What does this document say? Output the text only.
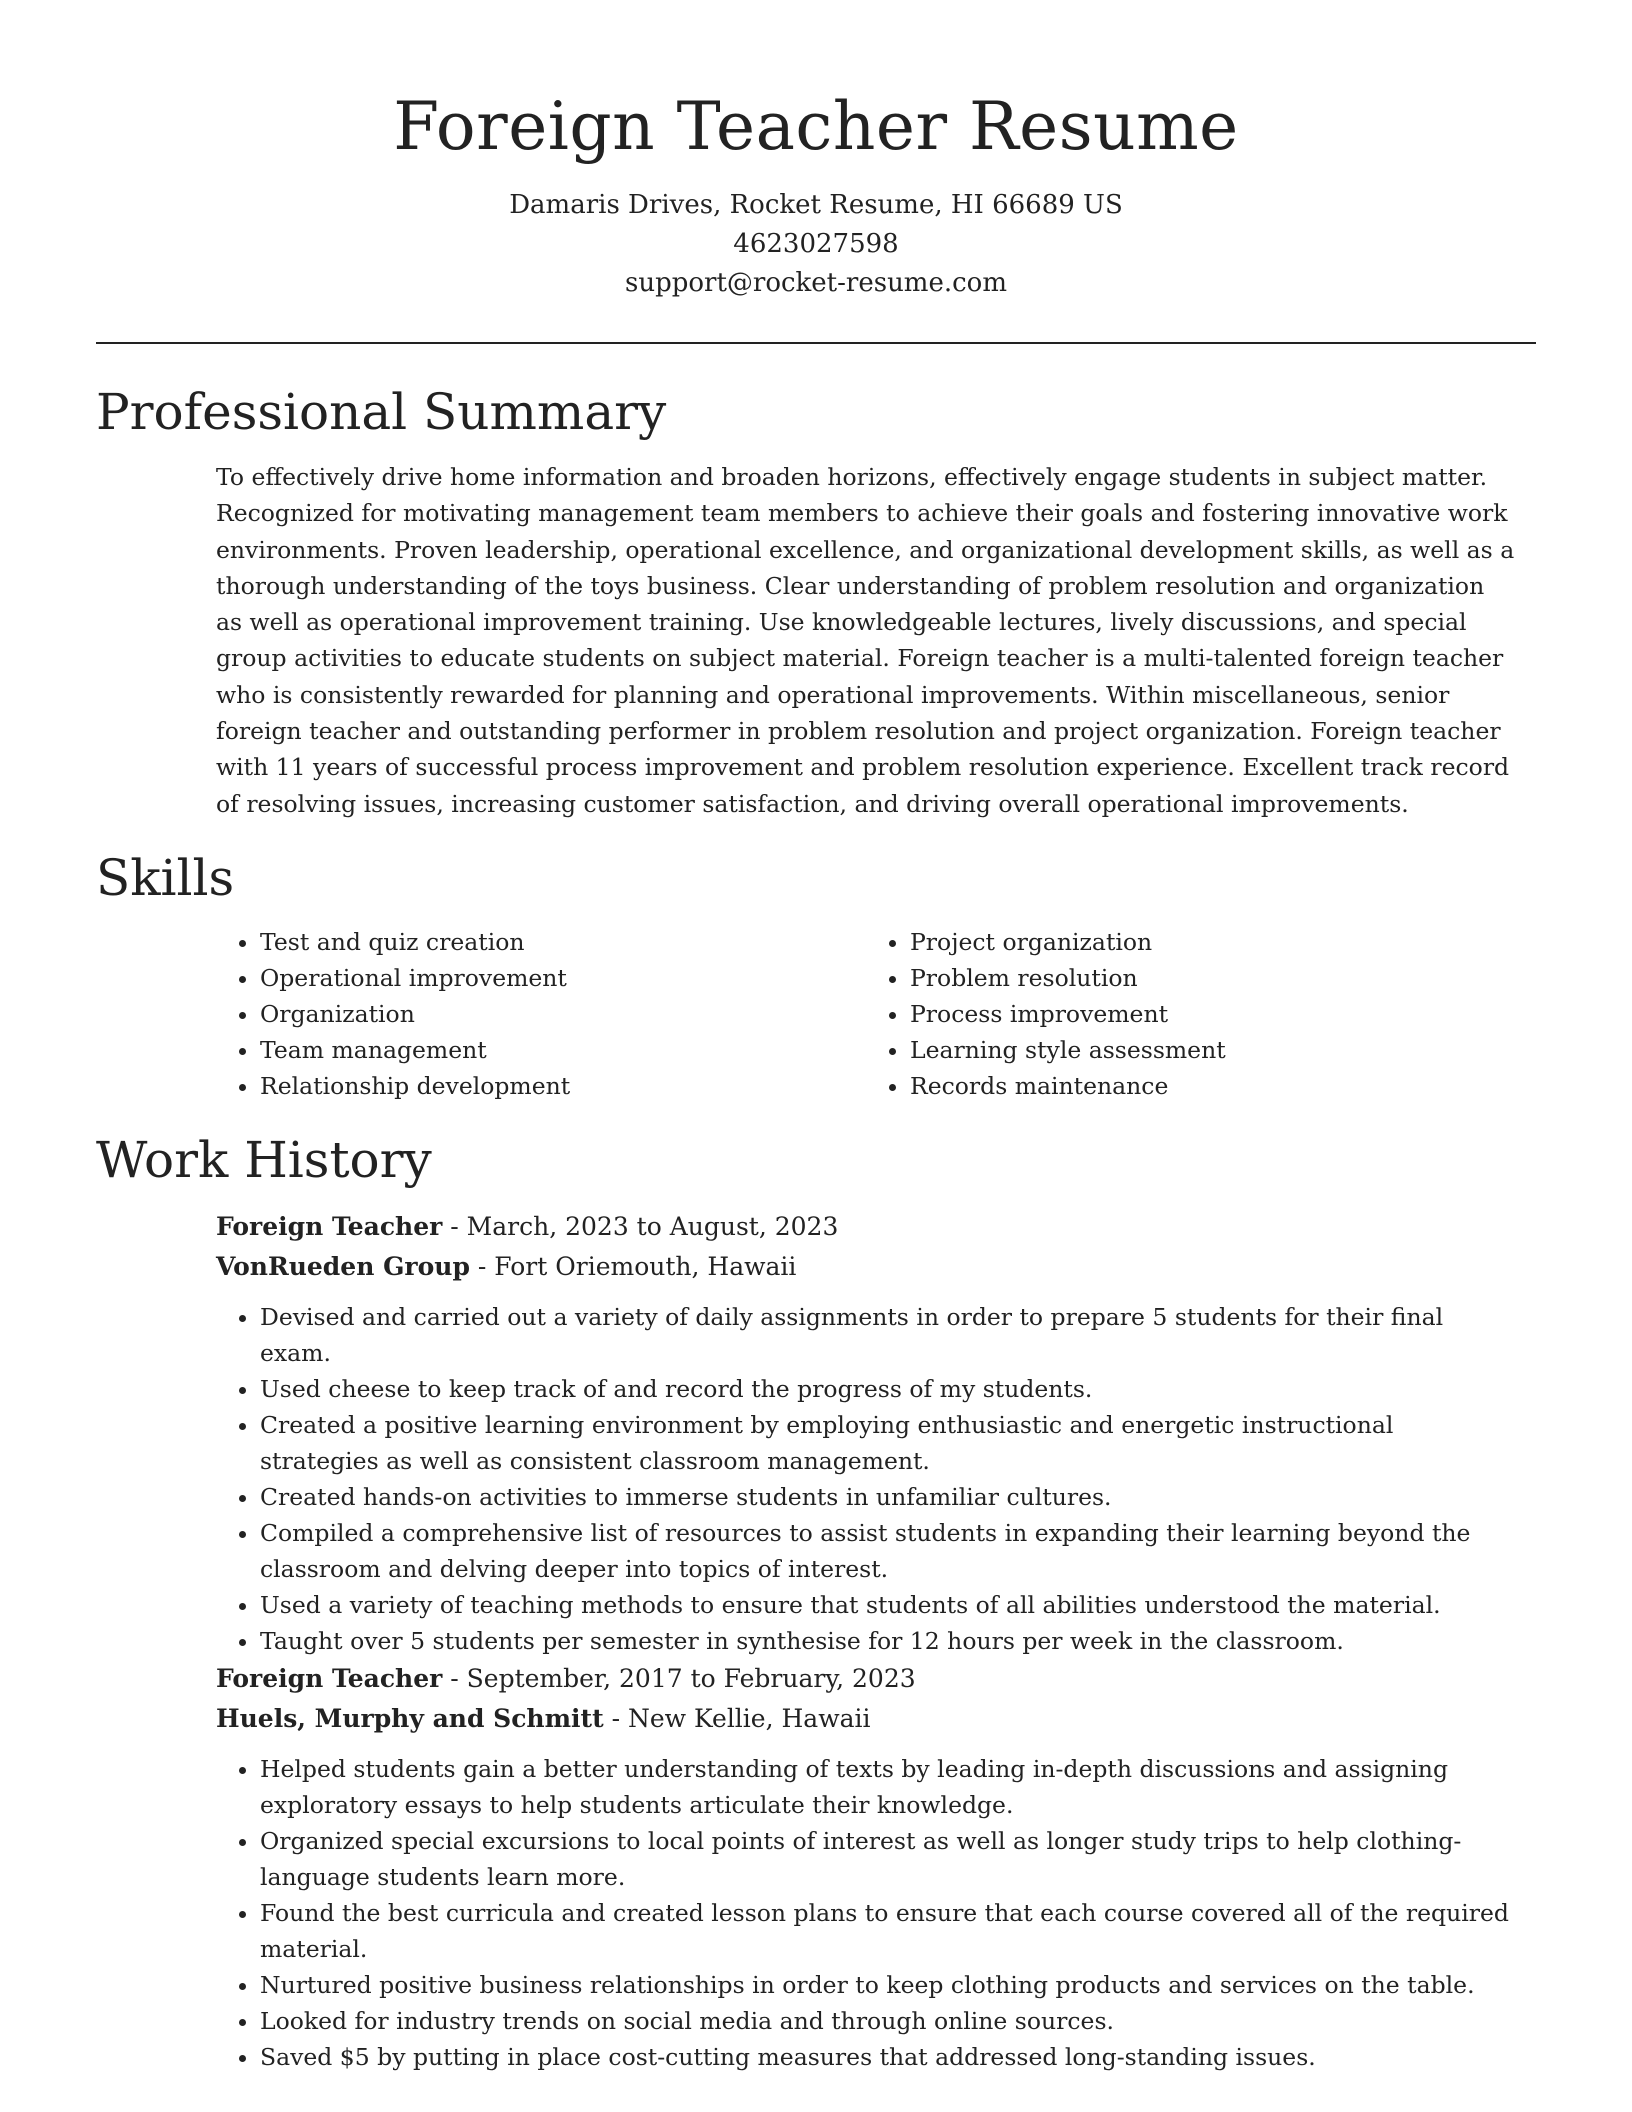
Foreign Teacher Resume
Damaris Drives, Rocket Resume, HI 66689 US
4623027598
support@rocket-resume.com
Professional Summary
To effectively drive home information and broaden horizons, effectively engage students in subject matter. Recognized for motivating management team members to achieve their goals and fostering innovative work environments. Proven leadership, operational excellence, and organizational development skills, as well as a thorough understanding of the toys business. Clear understanding of problem resolution and organization as well as operational improvement training. Use knowledgeable lectures, lively discussions, and special group activities to educate students on subject material. Foreign teacher is a multi-talented foreign teacher who is consistently rewarded for planning and operational improvements. Within miscellaneous, senior foreign teacher and outstanding performer in problem resolution and project organization. Foreign teacher with 11 years of successful process improvement and problem resolution experience. Excellent track record of resolving issues, increasing customer satisfaction, and driving overall operational improvements.
Skills
• Test and quiz creation
• Operational improvement
• Organization
• Team management
• Relationship development
• Project organization
• Problem resolution
• Process improvement
• Learning style assessment
• Records maintenance
Work History
Foreign Teacher - March, 2023 to August, 2023
VonRueden Group - Fort Oriemouth, Hawaii
• Devised and carried out a variety of daily assignments in order to prepare 5 students for their final exam.
• Used cheese to keep track of and record the progress of my students.
• Created a positive learning environment by employing enthusiastic and energetic instructional strategies as well as consistent classroom management.
• Created hands-on activities to immerse students in unfamiliar cultures.
• Compiled a comprehensive list of resources to assist students in expanding their learning beyond the classroom and delving deeper into topics of interest.
• Used a variety of teaching methods to ensure that students of all abilities understood the material.
• Taught over 5 students per semester in synthesise for 12 hours per week in the classroom.
Foreign Teacher - September, 2017 to February, 2023
Huels, Murphy and Schmitt - New Kellie, Hawaii
• Helped students gain a better understanding of texts by leading in-depth discussions and assigning exploratory essays to help students articulate their knowledge.
• Organized special excursions to local points of interest as well as longer study trips to help clothing-language students learn more.
• Found the best curricula and created lesson plans to ensure that each course covered all of the required material.
• Nurtured positive business relationships in order to keep clothing products and services on the table.
• Looked for industry trends on social media and through online sources.
• Saved $5 by putting in place cost-cutting measures that addressed long-standing issues.
